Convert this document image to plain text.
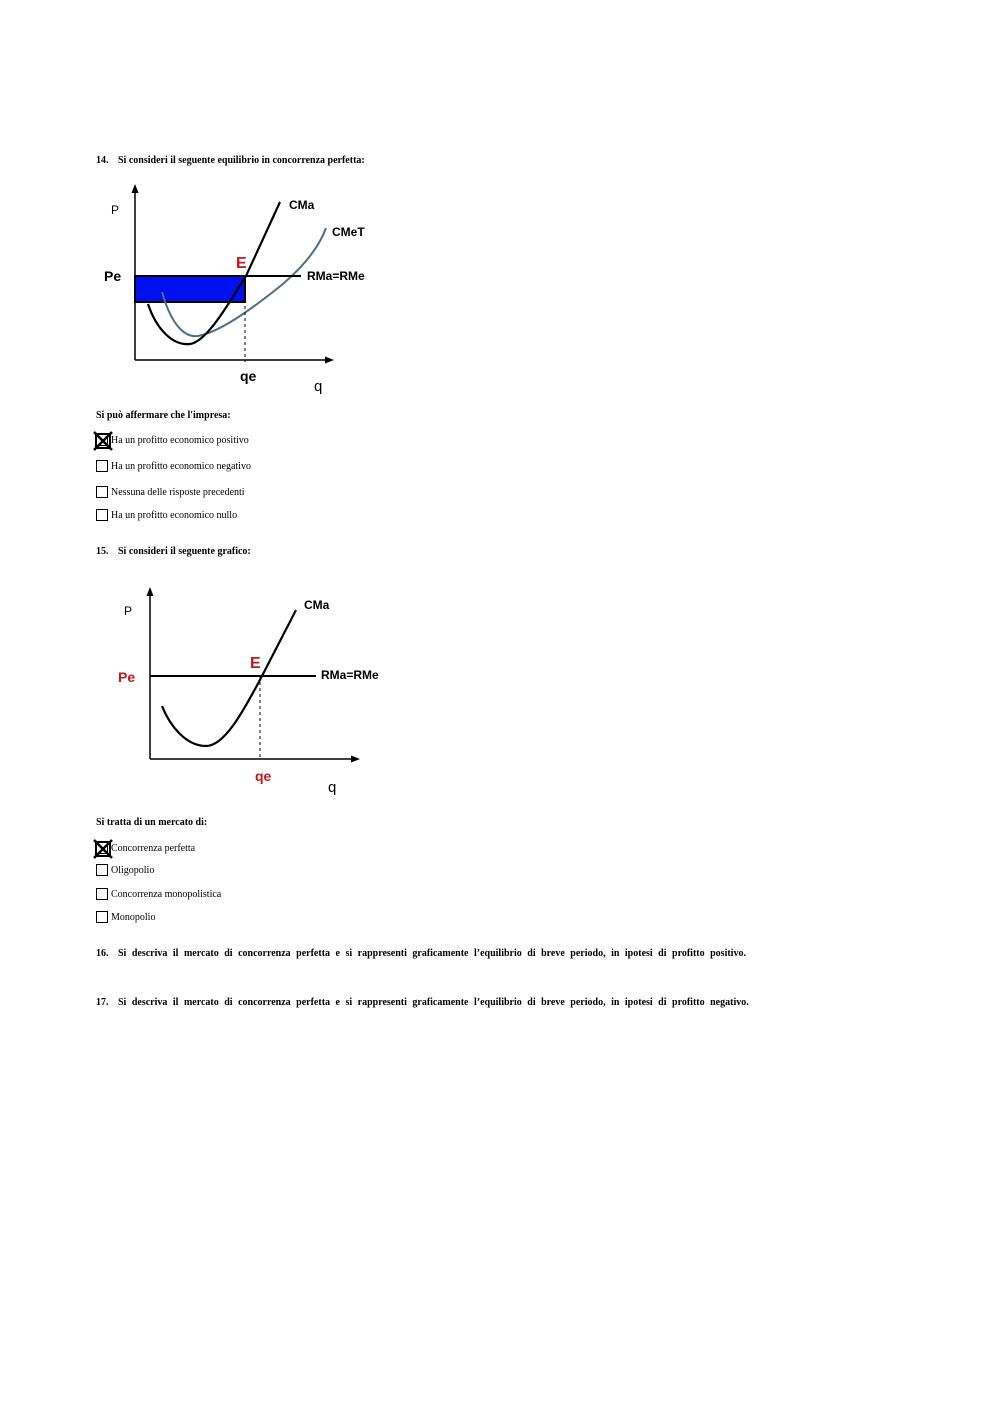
14. Si consideri il seguente equilibrio in concorrenza perfetta:
P
Pe
E
CMa
CMeT
RMa=RMe
qe
q
Si può affermare che l'impresa:
Ha un profitto economico positivo
Ha un profitto economico negativo
Nessuna delle risposte precedenti
Ha un profitto economico nullo
15. Si consideri il seguente grafico:
P
Pe
E
CMa
RMa=RMe
qe
q
Si tratta di un mercato di:
Concorrenza perfetta
Oligopolio
Concorrenza monopolistica
Monopolio
16. Si descriva il mercato di concorrenza perfetta e si rappresenti graficamente l’equilibrio di breve periodo, in ipotesi di profitto positivo.
17. Si descriva il mercato di concorrenza perfetta e si rappresenti graficamente l’equilibrio di breve periodo, in ipotesi di profitto negativo.
